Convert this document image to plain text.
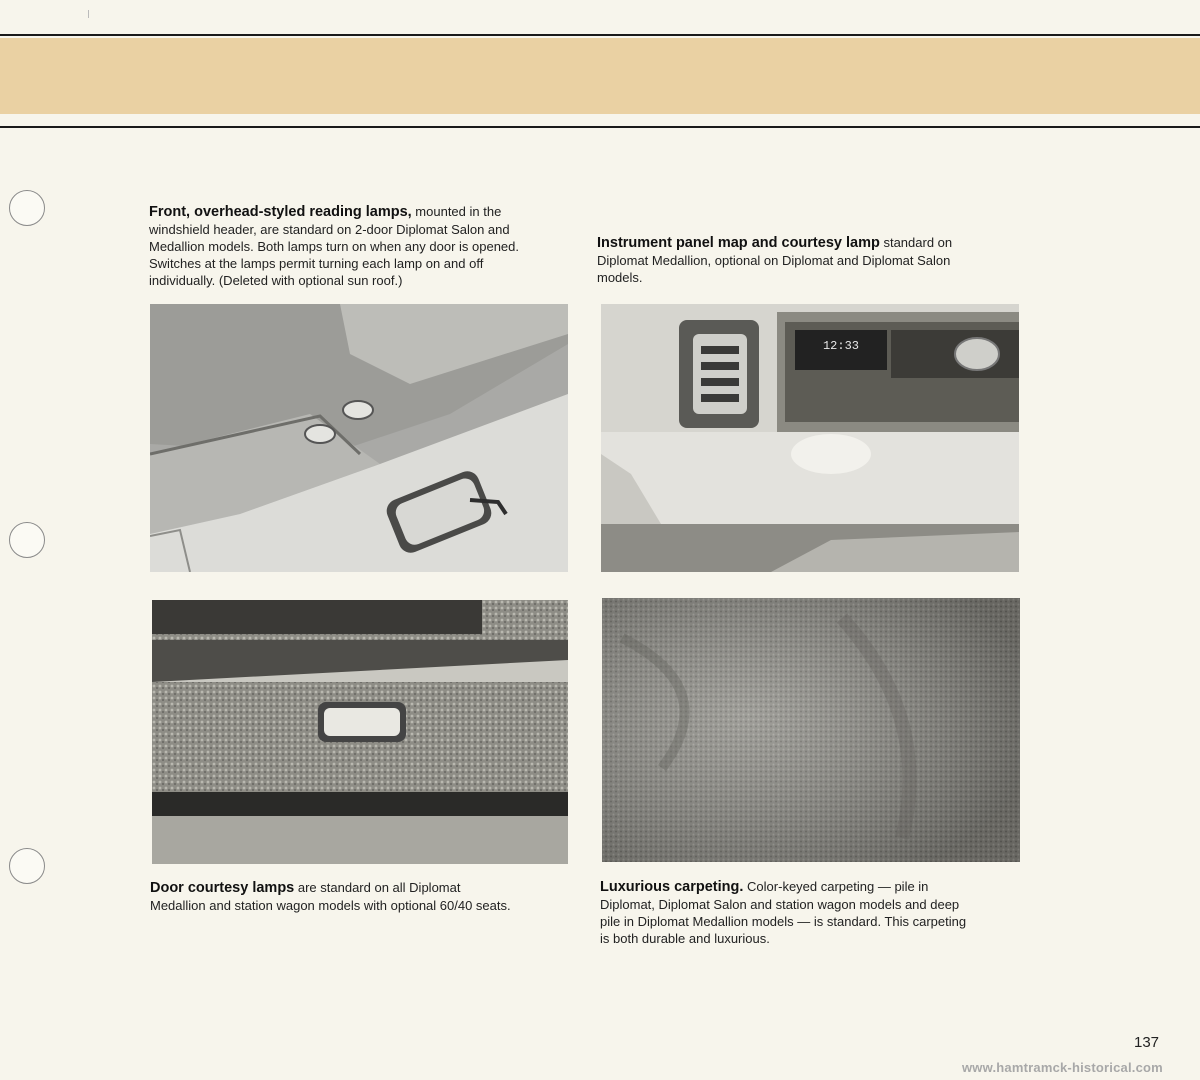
Front, overhead-styled reading lamps, mounted in the
windshield header, are standard on 2-door Diplomat Salon and
Medallion models. Both lamps turn on when any door is opened.
Switches at the lamps permit turning each lamp on and off
individually. (Deleted with optional sun roof.)
Instrument panel map and courtesy lamp standard on
Diplomat Medallion, optional on Diplomat and Diplomat Salon
models.
12:33
Door courtesy lamps are standard on all Diplomat
Medallion and station wagon models with optional 60/40 seats.
Luxurious carpeting. Color-keyed carpeting — pile in
Diplomat, Diplomat Salon and station wagon models and deep
pile in Diplomat Medallion models — is standard. This carpeting
is both durable and luxurious.
137
www.hamtramck-historical.com
